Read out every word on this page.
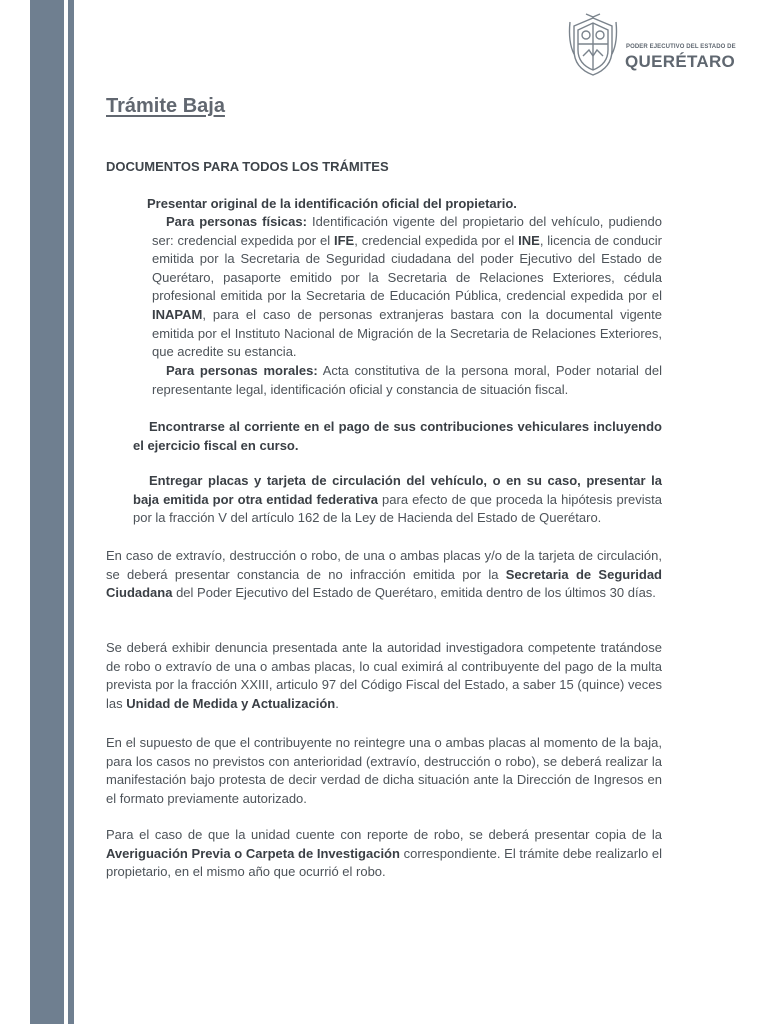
PODER EJECUTIVO DEL ESTADO DE
QUERÉTARO
Trámite Baja
DOCUMENTOS PARA TODOS LOS TRÁMITES
Presentar original de la identificación oficial del propietario.
Para personas físicas: Identificación vigente del propietario del vehículo, pudiendo ser: credencial expedida por el IFE, credencial expedida por el INE, licencia de conducir emitida por la Secretaria de Seguridad ciudadana del poder Ejecutivo del Estado de Querétaro, pasaporte emitido por la Secretaria de Relaciones Exteriores, cédula profesional emitida por la Secretaria de Educación Pública, credencial expedida por el INAPAM, para el caso de personas extranjeras bastara con la documental vigente emitida por el Instituto Nacional de Migración de la Secretaria de Relaciones Exteriores, que acredite su estancia.
Para personas morales: Acta constitutiva de la persona moral, Poder notarial del representante legal, identificación oficial y constancia de situación fiscal.
Encontrarse al corriente en el pago de sus contribuciones vehiculares incluyendo el ejercicio fiscal en curso.
Entregar placas y tarjeta de circulación del vehículo, o en su caso, presentar la baja emitida por otra entidad federativa para efecto de que proceda la hipótesis prevista por la fracción V del artículo 162 de la Ley de Hacienda del Estado de Querétaro.
En caso de extravío, destrucción o robo, de una o ambas placas y/o de la tarjeta de circulación, se deberá presentar constancia de no infracción emitida por la Secretaria de Seguridad Ciudadana del Poder Ejecutivo del Estado de Querétaro, emitida dentro de los últimos 30 días.
Se deberá exhibir denuncia presentada ante la autoridad investigadora competente tratándose de robo o extravío de una o ambas placas, lo cual eximirá al contribuyente del pago de la multa prevista por la fracción XXIII, articulo 97 del Código Fiscal del Estado, a saber 15 (quince) veces las Unidad de Medida y Actualización.
En el supuesto de que el contribuyente no reintegre una o ambas placas al momento de la baja, para los casos no previstos con anterioridad (extravío, destrucción o robo), se deberá realizar la manifestación bajo protesta de decir verdad de dicha situación ante la Dirección de Ingresos en el formato previamente autorizado.
Para el caso de que la unidad cuente con reporte de robo, se deberá presentar copia de la Averiguación Previa o Carpeta de Investigación correspondiente. El trámite debe realizarlo el propietario, en el mismo año que ocurrió el robo.
